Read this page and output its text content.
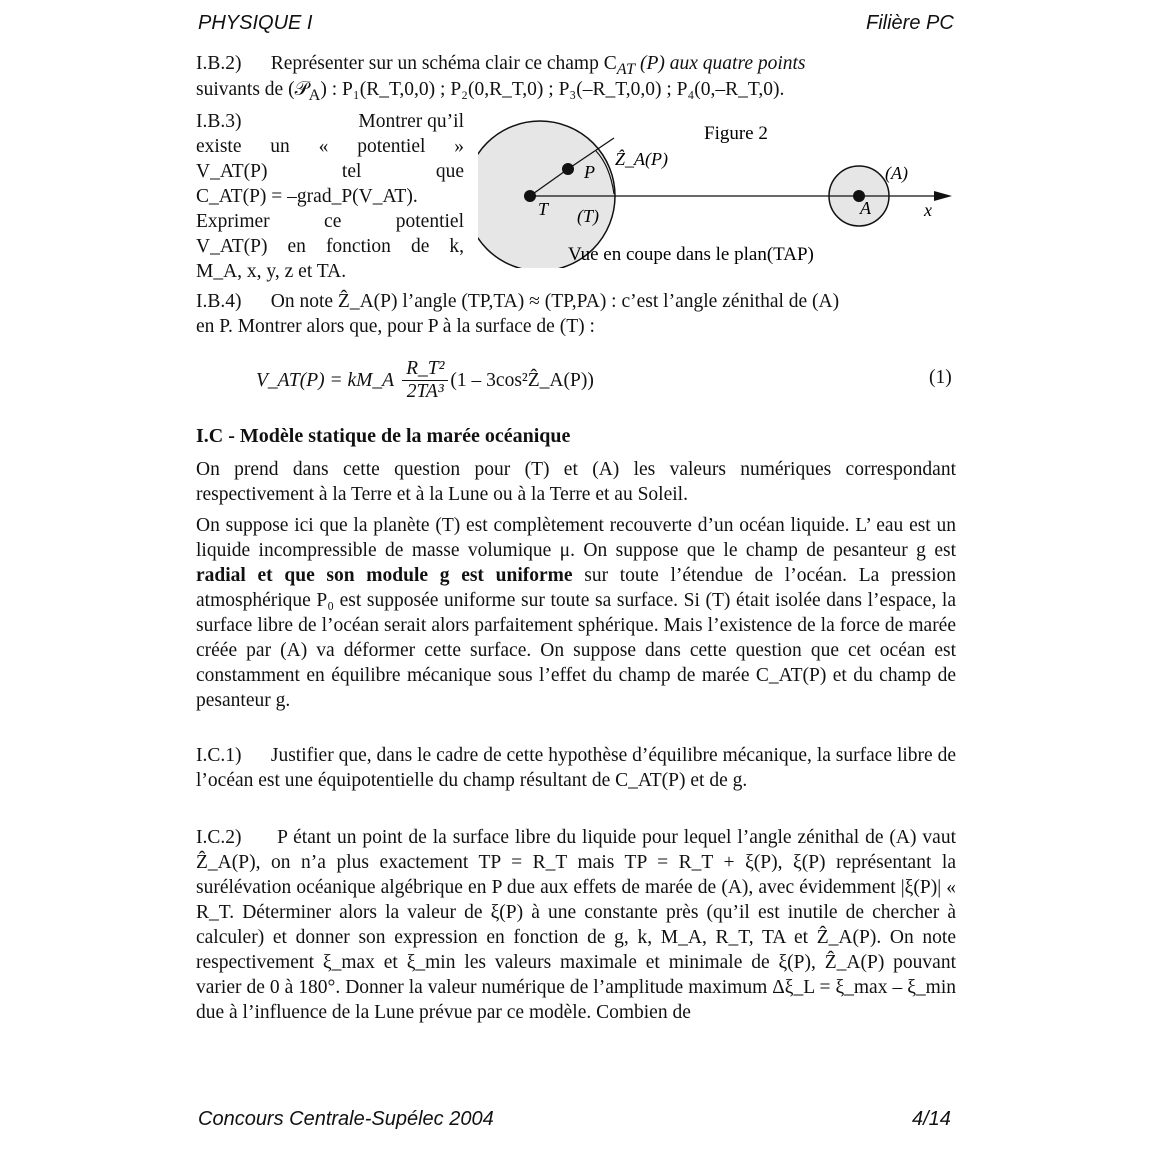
PHYSIQUE I	Filière PC
I.B.2) Représenter sur un schéma clair ce champ $C_{AT}$ (P) aux quatre points
suivants de (𝒫$_A$) : P₁(R_T,0,0) ; P₂(0,R_T,0) ; P₃(–R_T,0,0) ; P₄(0,–R_T,0).
I.B.3)	Montrer qu’il
existe un « potentiel »
V_AT(P) tel que
C_AT(P) = –grad_P(V_AT).
Exprimer ce potentiel
V_AT(P) en fonction de k,
M_A, x, y, z et TA.
Figure 2
T (T)
P
Ẑ_A(P)
A
(A)
x
Vue en coupe dans le plan(TAP)
I.B.4) On note Ẑ_A(P) l’angle (TP,TA) ≈ (TP,PA) : c’est l’angle zénithal de (A)
en P. Montrer alors que, pour P à la surface de (T) :
V_AT(P) = kM_A $\frac{\text{R\_T²}}{\text{2TA³}} (1$ – 3cos²Ẑ_A(P))	(1)
I.C - Modèle statique de la marée océanique
On prend dans cette question pour (T) et (A) les valeurs numériques correspondant respectivement à la Terre et à la Lune ou à la Terre et au Soleil.
On suppose ici que la planète (T) est complètement recouverte d’un océan liquide. L’ eau est un liquide incompressible de masse volumique μ. On suppose que le champ de pesanteur g est radial et que son module g est uniforme sur toute l’étendue de l’océan. La pression atmosphérique P₀ est supposée uniforme sur toute sa surface. Si (T) était isolée dans l’espace, la surface libre de l’océan serait alors parfaitement sphérique. Mais l’existence de la force de marée créée par (A) va déformer cette surface. On suppose dans cette question que cet océan est constamment en équilibre mécanique sous l’effet du champ de marée C_AT(P) et du champ de pesanteur g.
I.C.1) Justifier que, dans le cadre de cette hypothèse d’équilibre mécanique, la surface libre de l’océan est une équipotentielle du champ résultant de C_AT(P) et de g.
I.C.2) P étant un point de la surface libre du liquide pour lequel l’angle zénithal de (A) vaut Ẑ_A(P), on n’a plus exactement TP = R_T mais TP = R_T + ξ(P), ξ(P) représentant la surélévation océanique algébrique en P due aux effets de marée de (A), avec évidemment |ξ(P)| « R_T. Déterminer alors la valeur de ξ(P) à une constante près (qu’il est inutile de chercher à calculer) et donner son expression en fonction de g, k, M_A, R_T, TA et Ẑ_A(P). On note respectivement ξ_max et ξ_min les valeurs maximale et minimale de ξ(P), Ẑ_A(P) pouvant varier de 0 à 180°. Donner la valeur numérique de l’amplitude maximum Δξ_L = ξ_max – ξ_min due à l’influence de la Lune prévue par ce modèle. Combien de
Concours Centrale-Supélec 2004	4/14
